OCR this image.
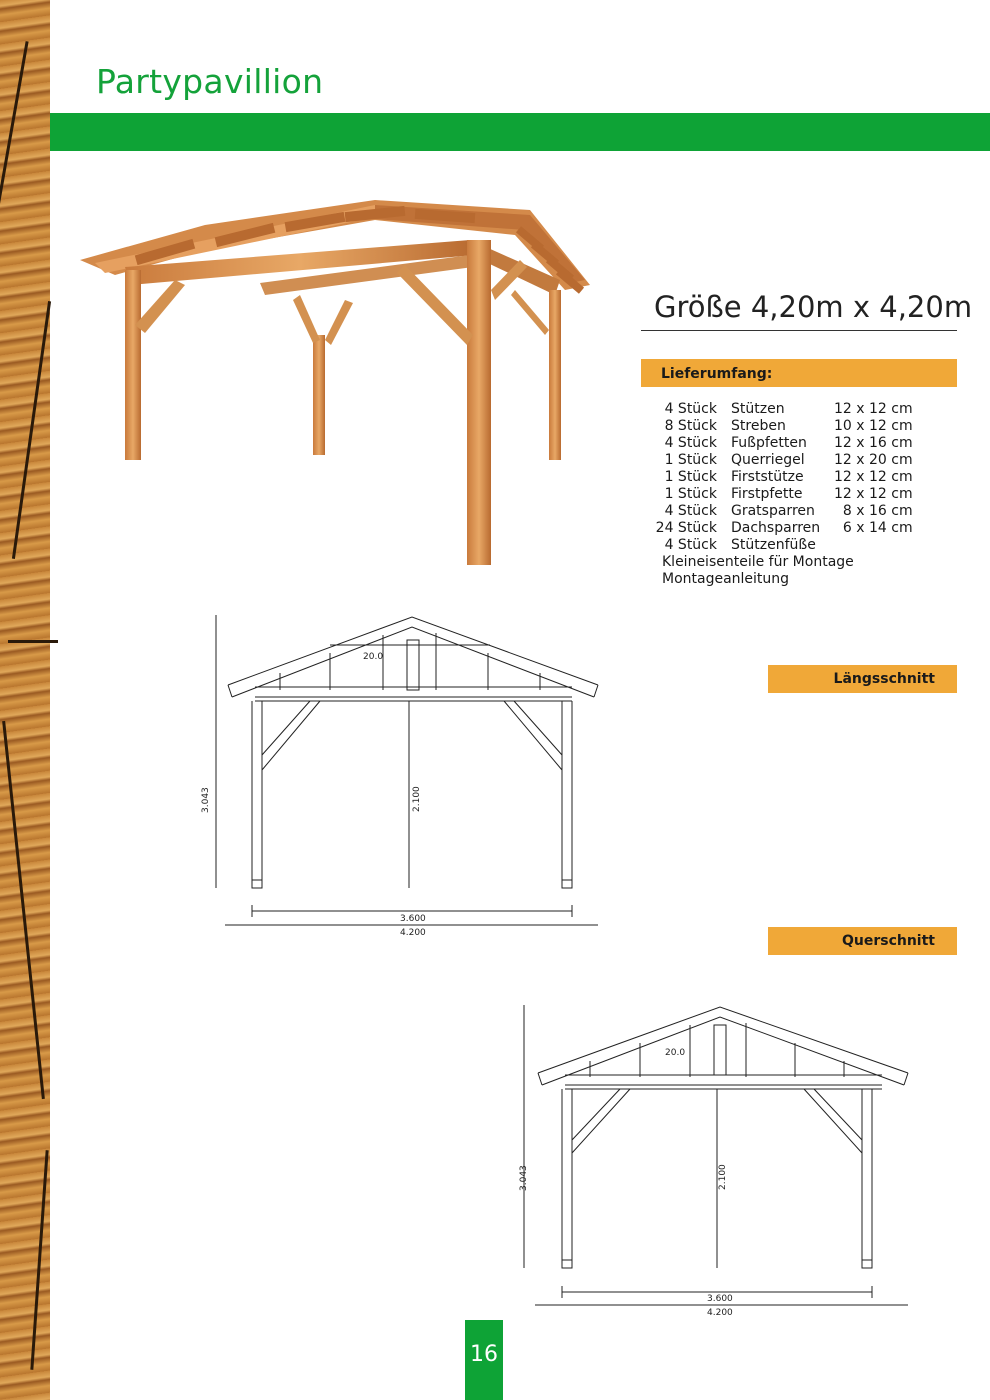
Partypavillion
Größe 4,20m x 4,20m
Lieferumfang:
4 Stück	Stützen	12 x 12 cm
8 Stück	Streben	10 x 12 cm
4 Stück	Fußpfetten	12 x 16 cm
1 Stück	Querriegel	12 x 20 cm
1 Stück	Firststütze	12 x 12 cm
1 Stück	Firstpfette	12 x 12 cm
4 Stück	Gratsparren	8 x 16 cm
24 Stück	Dachsparren	6 x 14 cm
4 Stück	Stützenfüße	
Kleineisenteile für Montage
Montageanleitung
Längsschnitt
Querschnitt
20.0
3.043	2.100
3.600
4.200
20.0
3.043	2.100
3.600
4.200
16
